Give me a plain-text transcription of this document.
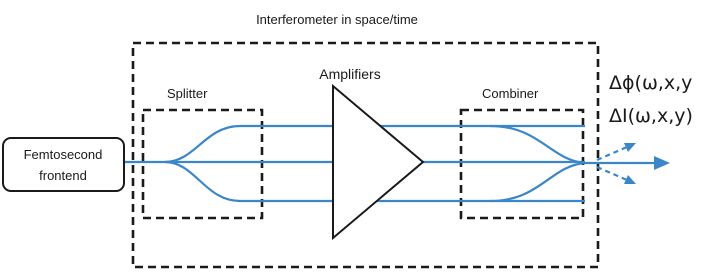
Interferometer in space/time
Splitter	Combiner
Amplifiers
Femtosecond
frontend
Δϕ(ω,x,y
ΔI(ω,x,y)
